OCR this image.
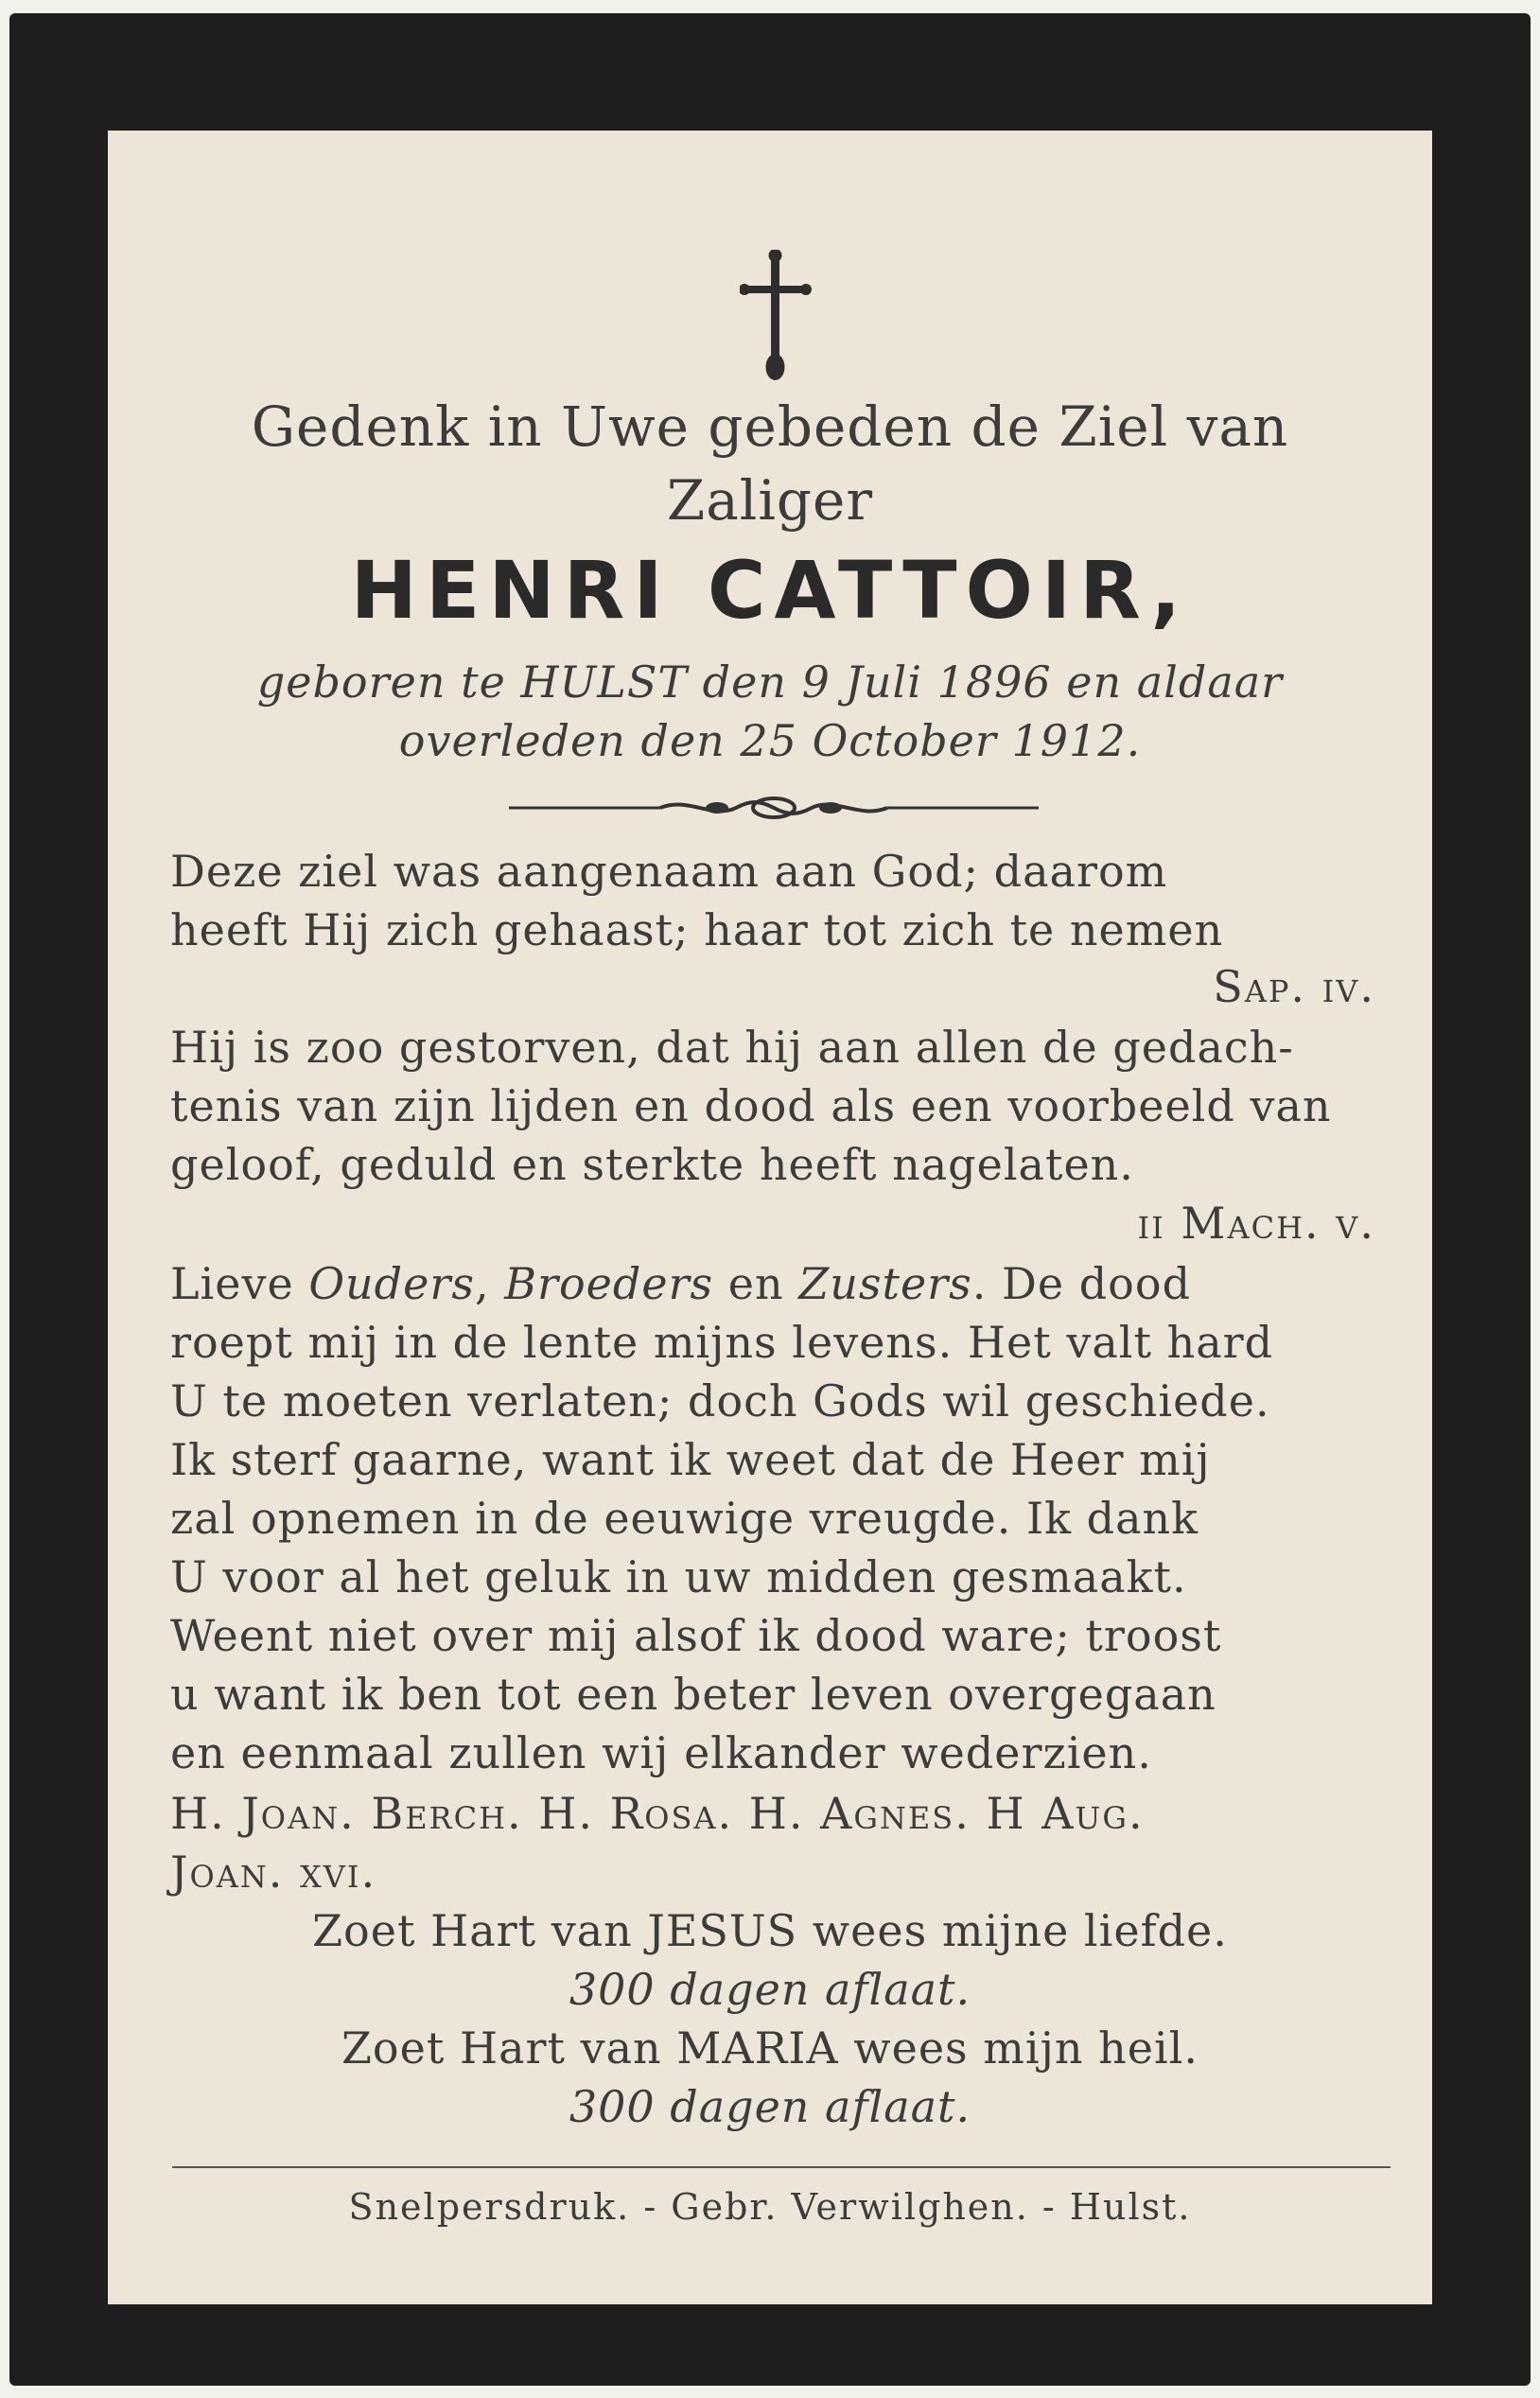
Gedenk in Uwe gebeden de Ziel van
Zaliger
HENRI CATTOIR,
geboren te HULST den 9 Juli 1896 en aldaar
overleden den 25 October 1912.
Deze ziel was aangenaam aan God; daarom
heeft Hij zich gehaast; haar tot zich te nemen
Sap. iv.
Hij is zoo gestorven, dat hij aan allen de gedach-
tenis van zijn lijden en dood als een voorbeeld van
geloof, geduld en sterkte heeft nagelaten.
ii Mach. v.
Lieve Ouders, Broeders en Zusters. De dood
roept mij in de lente mijns levens. Het valt hard
U te moeten verlaten; doch Gods wil geschiede.
Ik sterf gaarne, want ik weet dat de Heer mij
zal opnemen in de eeuwige vreugde. Ik dank
U voor al het geluk in uw midden gesmaakt.
Weent niet over mij alsof ik dood ware; troost
u want ik ben tot een beter leven overgegaan
en eenmaal zullen wij elkander wederzien.
H. Joan. Berch. H. Rosa. H. Agnes. H Aug.
Joan. xvi.
Zoet Hart van JESUS wees mijne liefde.
300 dagen aflaat.
Zoet Hart van MARIA wees mijn heil.
300 dagen aflaat.
Snelpersdruk. - Gebr. Verwilghen. - Hulst.
